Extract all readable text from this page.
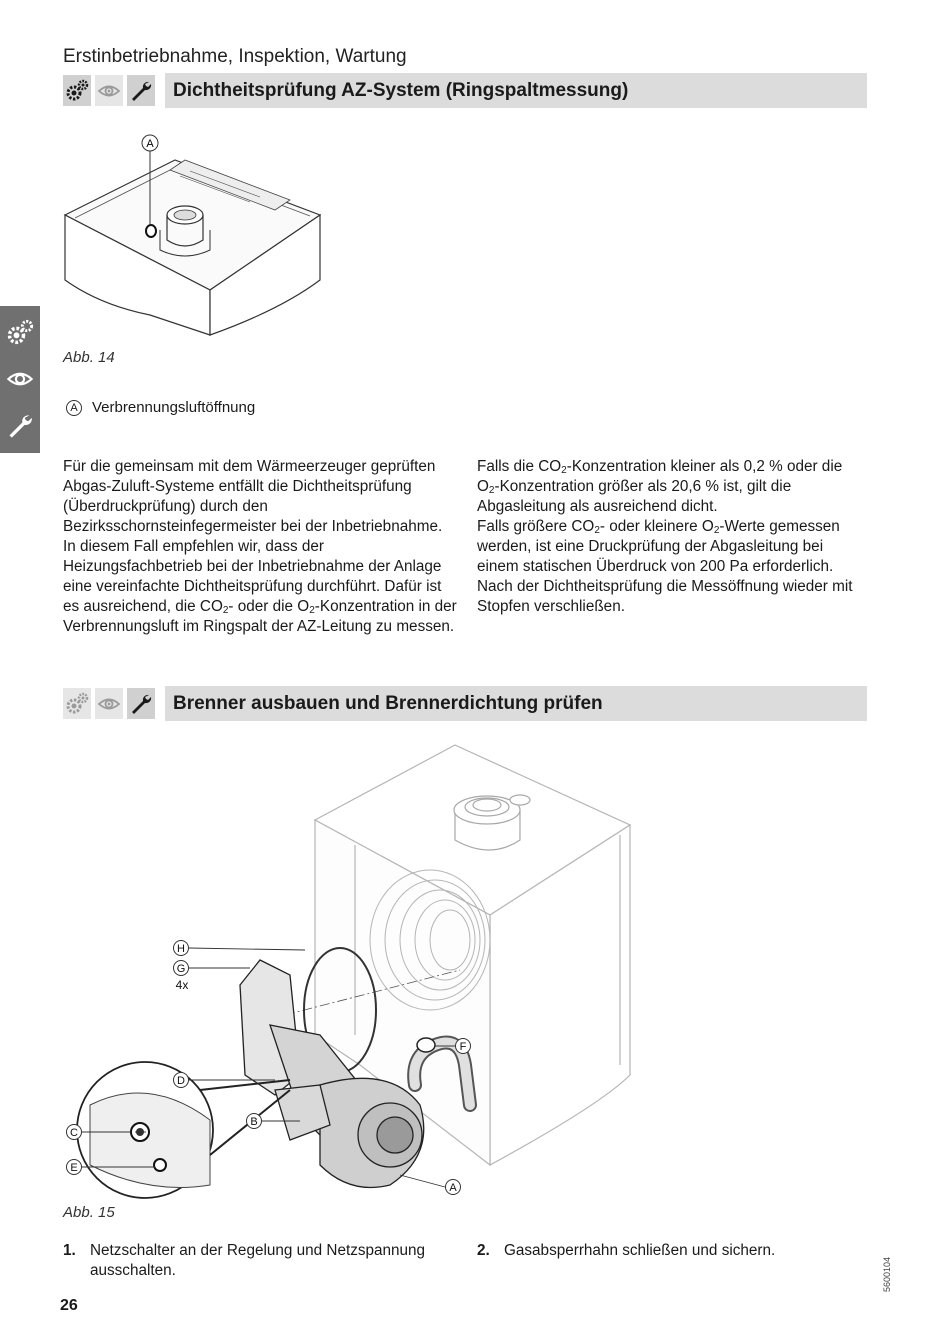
Erstinbetriebnahme, Inspektion, Wartung
Dichtheitsprüfung AZ-System (Ringspaltmessung)
A
Abb. 14
A Verbrennungsluftöffnung

Für die gemeinsam mit dem Wärmeerzeuger geprüften Abgas-Zuluft-Systeme entfällt die Dichtheitsprüfung (Überdruckprüfung) durch den Bezirksschornsteinfegermeister bei der Inbetriebnahme.

In diesem Fall empfehlen wir, dass der Heizungsfachbetrieb bei der Inbetriebnahme der Anlage eine vereinfachte Dichtheitsprüfung durchführt. Dafür ist es ausreichend, die $CO_2-$ oder die $O_2$-Konzentration in der Verbrennungsluft im Ringspalt der AZ-Leitung zu messen.

Falls die $CO_2$-Konzentration kleiner als 0,2 % oder die $O_2$-Konzentration größer als 20,6 % ist, gilt die Abgasleitung als ausreichend dicht.

Falls größere $CO_2-$ oder kleinere $O_2$-Werte gemessen werden, ist eine Druckprüfung der Abgasleitung bei einem statischen Überdruck von 200 Pa erforderlich.

Nach der Dichtheitsprüfung die Messöffnung wieder mit Stopfen verschließen.

Brenner ausbauen und Brennerdichtung prüfen
H
G
4x
D
C
E
B
F
A
Abb. 15
1. Netzschalter an der Regelung und Netzspannung ausschalten.
2. Gasabsperrhahn schließen und sichern.
26
5600104
